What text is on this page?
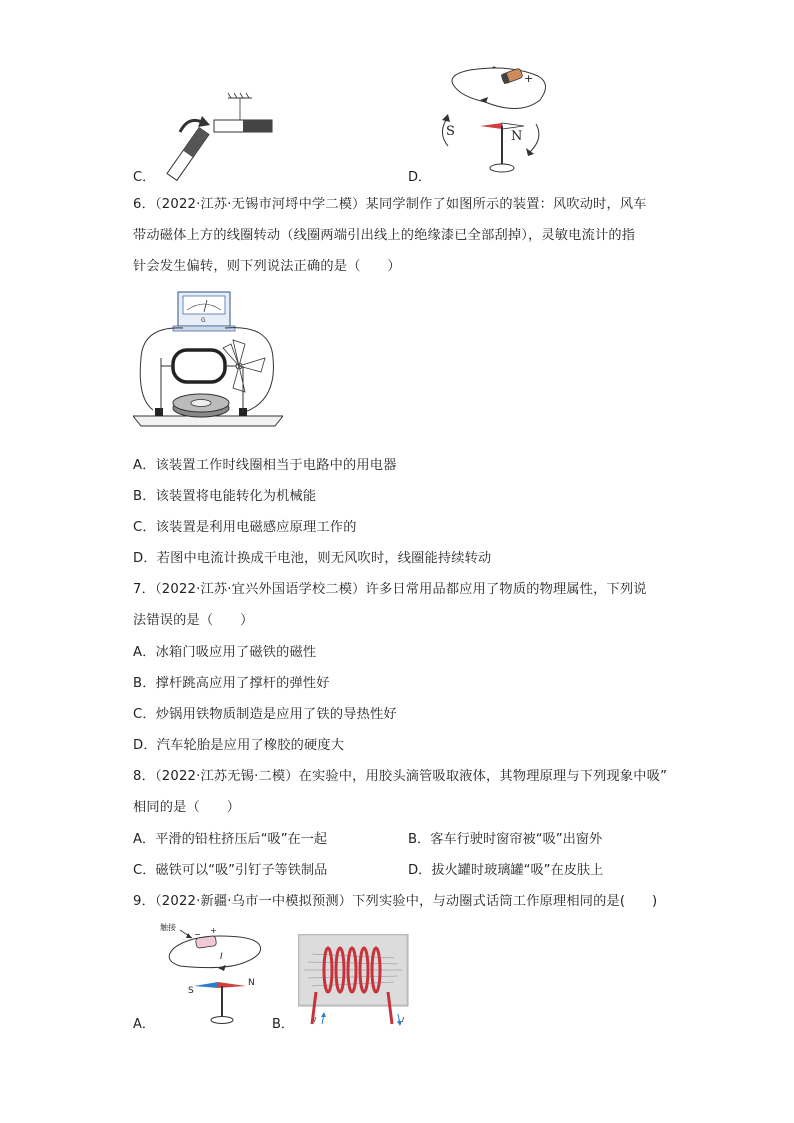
C．
-
+
S	N
D．
6．（2022·江苏·无锡市河埒中学二模）某同学制作了如图所示的装置：风吹动时，风车
带动磁体上方的线圈转动（线圈两端引出线上的绝缘漆已全部刮掉），灵敏电流计的指
针会发生偏转，则下列说法正确的是（　　）
G
A．该装置工作时线圈相当于电路中的用电器
B．该装置将电能转化为机械能
C．该装置是利用电磁感应原理工作的
D．若图中电流计换成干电池，则无风吹时，线圈能持续转动
7．（2022·江苏·宜兴外国语学校二模）许多日常用品都应用了物质的物理属性，下列说
法错误的是（　　）
A．冰箱门吸应用了磁铁的磁性
B．撑杆跳高应用了撑杆的弹性好
C．炒锅用铁物质制造是应用了铁的导热性好
D．汽车轮胎是应用了橡胶的硬度大
8．（2022·江苏无锡·二模）在实验中，用胶头滴管吸取液体，其物理原理与下列现象中吸”
相同的是（　　）
A．平滑的铅柱挤压后“吸”在一起	B．客车行驶时窗帘被“吸”出窗外
C．磁铁可以“吸”引钉子等铁制品	D．拔火罐时玻璃罐“吸”在皮肤上
9．（2022·新疆·乌市一中模拟预测）下列实验中，与动圈式话筒工作原理相同的是(　　)
触接
− +
I
S
N
A．	I	I
B．
